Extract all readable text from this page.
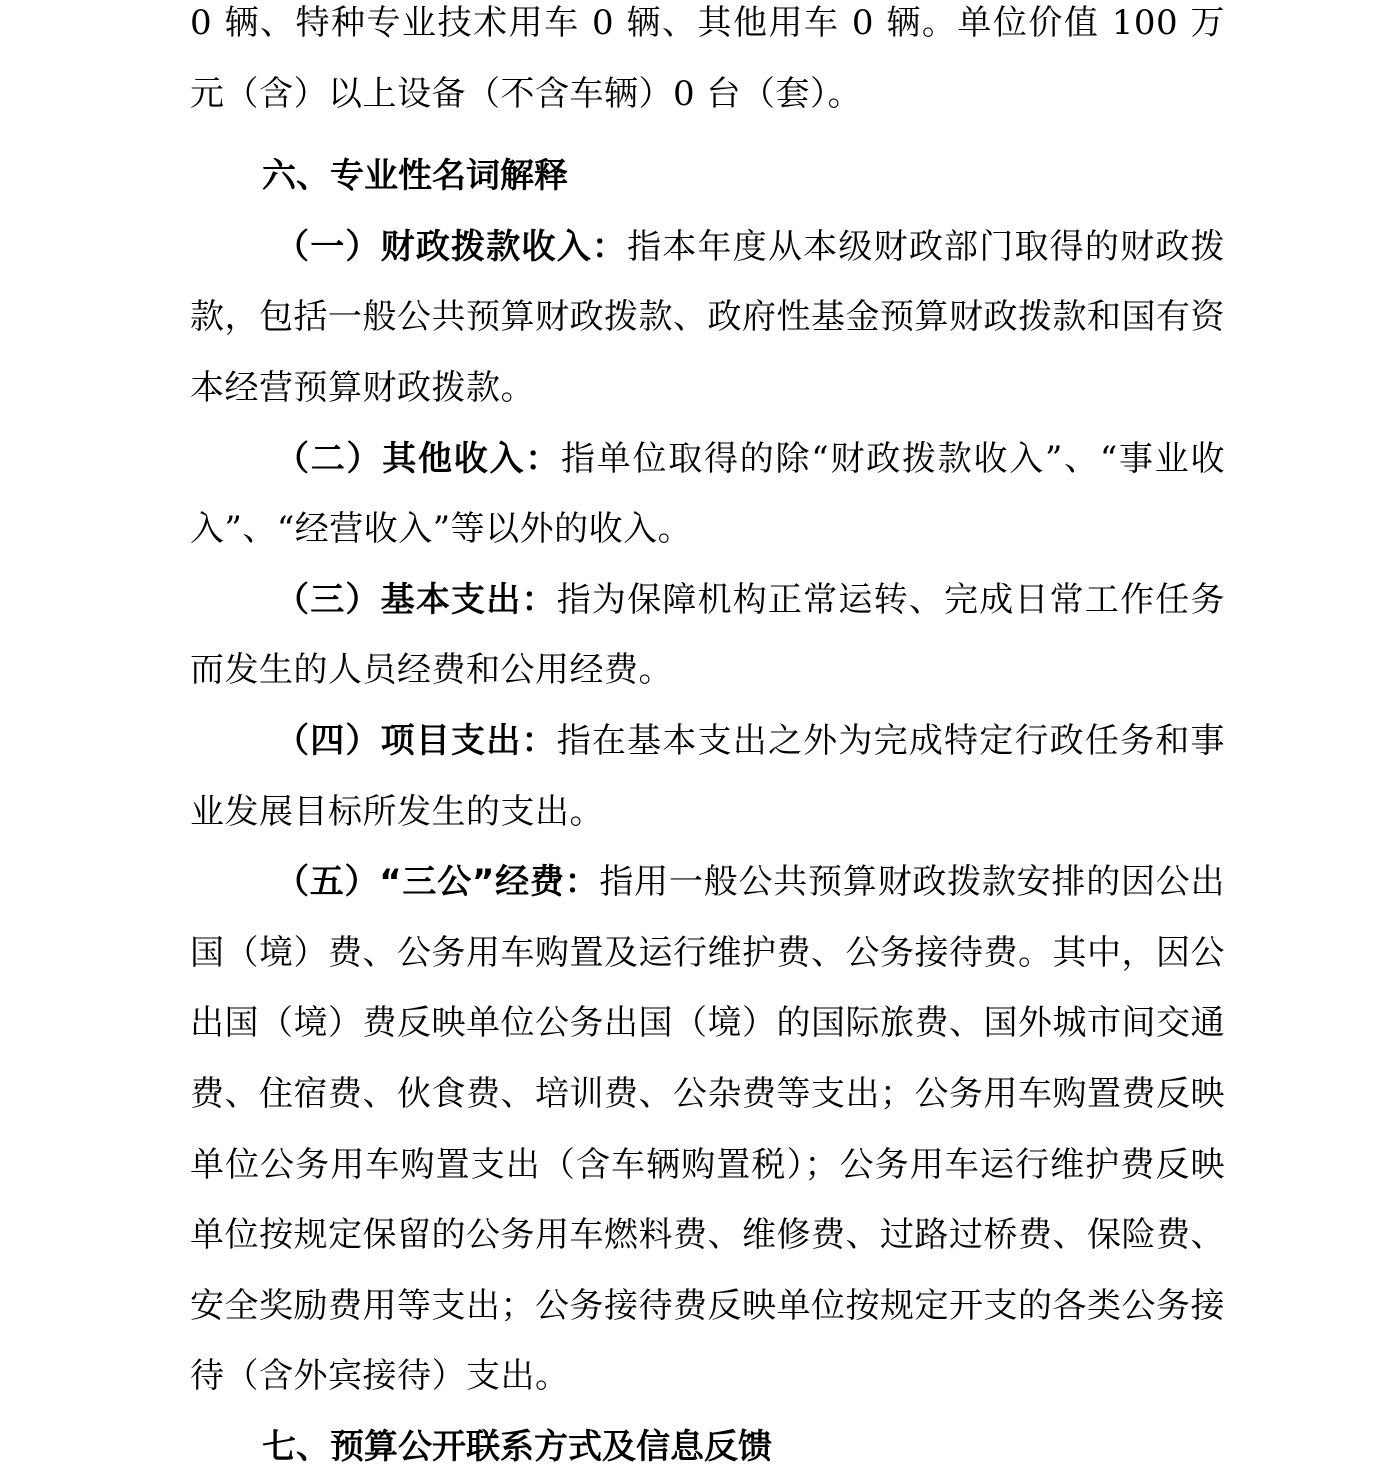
0 辆、特种专业技术用车 0 辆、其他用车 0 辆。单位价值 100 万元（含）以上设备（不含车辆）0 台（套）。

六、专业性名词解释

（一）财政拨款收入：指本年度从本级财政部门取得的财政拨款，包括一般公共预算财政拨款、政府性基金预算财政拨款和国有资本经营预算财政拨款。

（二）其他收入：指单位取得的除“财政拨款收入”、“事业收入”、“经营收入”等以外的收入。

（三）基本支出：指为保障机构正常运转、完成日常工作任务而发生的人员经费和公用经费。

（四）项目支出：指在基本支出之外为完成特定行政任务和事业发展目标所发生的支出。

（五）“三公”经费：指用一般公共预算财政拨款安排的因公出国（境）费、公务用车购置及运行维护费、公务接待费。其中，因公出国（境）费反映单位公务出国（境）的国际旅费、国外城市间交通费、住宿费、伙食费、培训费、公杂费等支出；公务用车购置费反映单位公务用车购置支出（含车辆购置税）；公务用车运行维护费反映单位按规定保留的公务用车燃料费、维修费、过路过桥费、保险费、安全奖励费用等支出；公务接待费反映单位按规定开支的各类公务接待（含外宾接待）支出。

七、预算公开联系方式及信息反馈
